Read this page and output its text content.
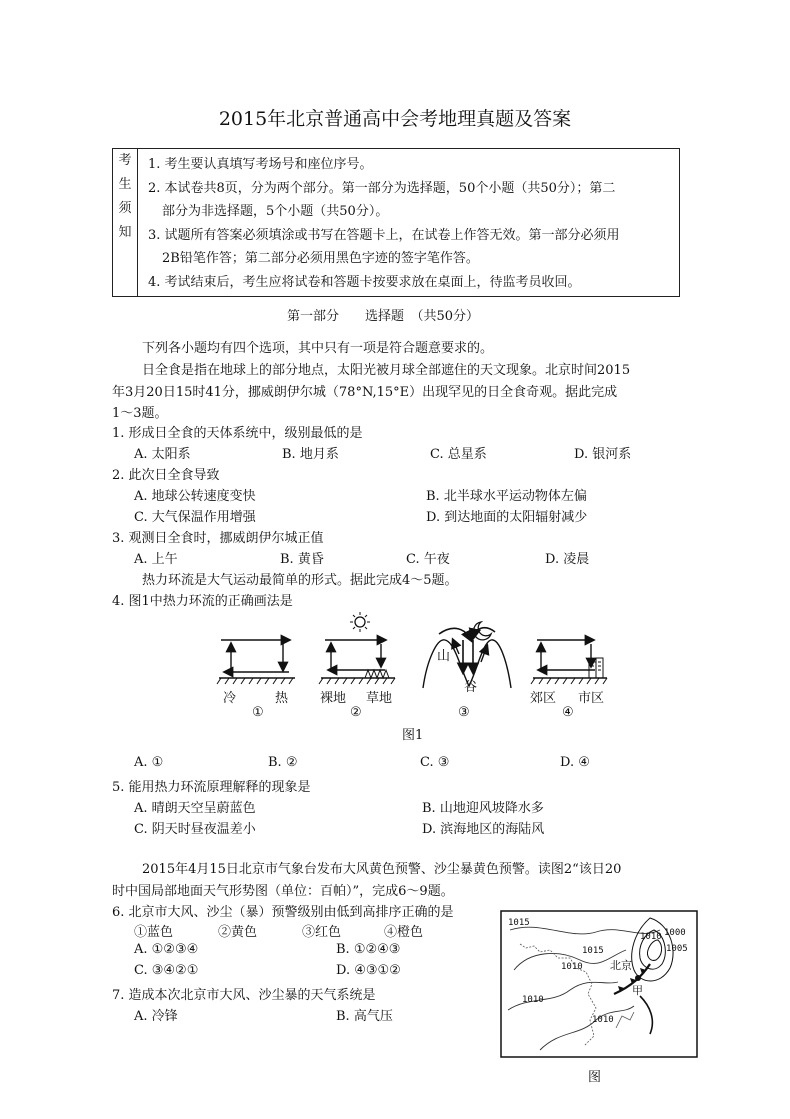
2015年北京普通高中会考地理真题及答案
考
生
须
知

1. 考生要认真填写考场号和座位序号。
2. 本试卷共8页，分为两个部分。第一部分为选择题，50个小题（共50分）；第二
部分为非选择题，5个小题（共50分）。
3. 试题所有答案必须填涂或书写在答题卡上，在试卷上作答无效。第一部分必须用
2B铅笔作答；第二部分必须用黑色字迹的签字笔作答。
4. 考试结束后，考生应将试卷和答题卡按要求放在桌面上，待监考员收回。
第一部分　　选择题　（共50分）
下列各小题均有四个选项，其中只有一项是符合题意要求的。
日全食是指在地球上的部分地点，太阳光被月球全部遮住的天文现象。北京时间2015
年3月20日15时41分，挪威朗伊尔城（78°N,15°E）出现罕见的日全食奇观。据此完成
1～3题。
1. 形成日全食的天体系统中，级别最低的是
A. 太阳系	B. 地月系	C. 总星系	D. 银河系
2. 此次日全食导致
A. 地球公转速度变快	B. 北半球水平运动物体左偏
C. 大气保温作用增强	D. 到达地面的太阳辐射减少
3. 观测日全食时，挪威朗伊尔城正值
A. 上午	B. 黄昏	C. 午夜	D. 凌晨
热力环流是大气运动最简单的形式。据此完成4～5题。
4. 图1中热力环流的正确画法是
冷	热 裸地 草地
山
谷
郊区 市区
①	②	③	④
图1
A. ①	B. ②	C. ③	D. ④
5. 能用热力环流原理解释的现象是
A. 晴朗天空呈蔚蓝色	B. 山地迎风坡降水多
C. 阴天时昼夜温差小	D. 滨海地区的海陆风
2015年4月15日北京市气象台发布大风黄色预警、沙尘暴黄色预警。读图2“该日20
时中国局部地面天气形势图（单位：百帕）”，完成6～9题。
6. 北京市大风、沙尘（暴）预警级别由低到高排序正确的是
①蓝色	②黄色	③红色	④橙色
A. ①②③④	B. ①②④③
C. ③④②①	D. ④③①②
7. 造成本次北京市大风、沙尘暴的天气系统是
A. 冷锋	B. 高气压
1015
1015
1010
1010
1010
1010 1000
1005
北京
甲
图
